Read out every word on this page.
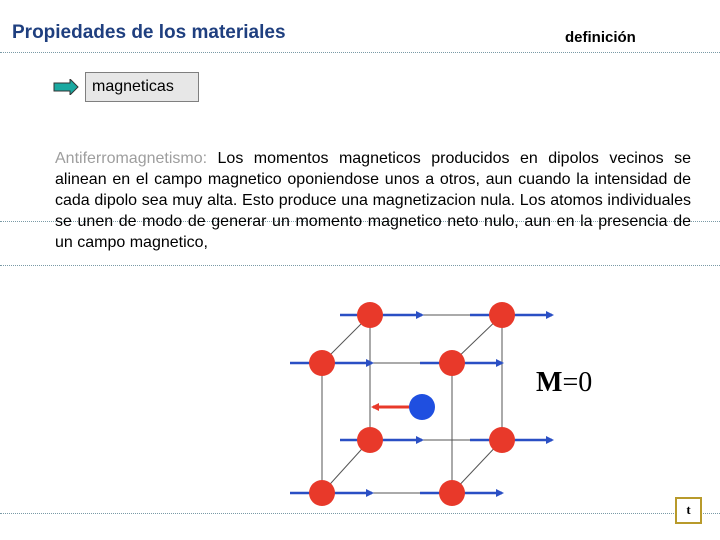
Propiedades de los materiales	definición
magneticas

Antiferromagnetismo: Los momentos magneticos producidos en dipolos vecinos se alinean en el campo magnetico oponiendose unos a otros, aun cuando la intensidad de cada dipolo sea muy alta. Esto produce una magnetizacion nula. Los atomos individuales se unen de modo de generar un momento magnetico neto nulo, aun en la presencia de un campo magnetico,

M=0
t
